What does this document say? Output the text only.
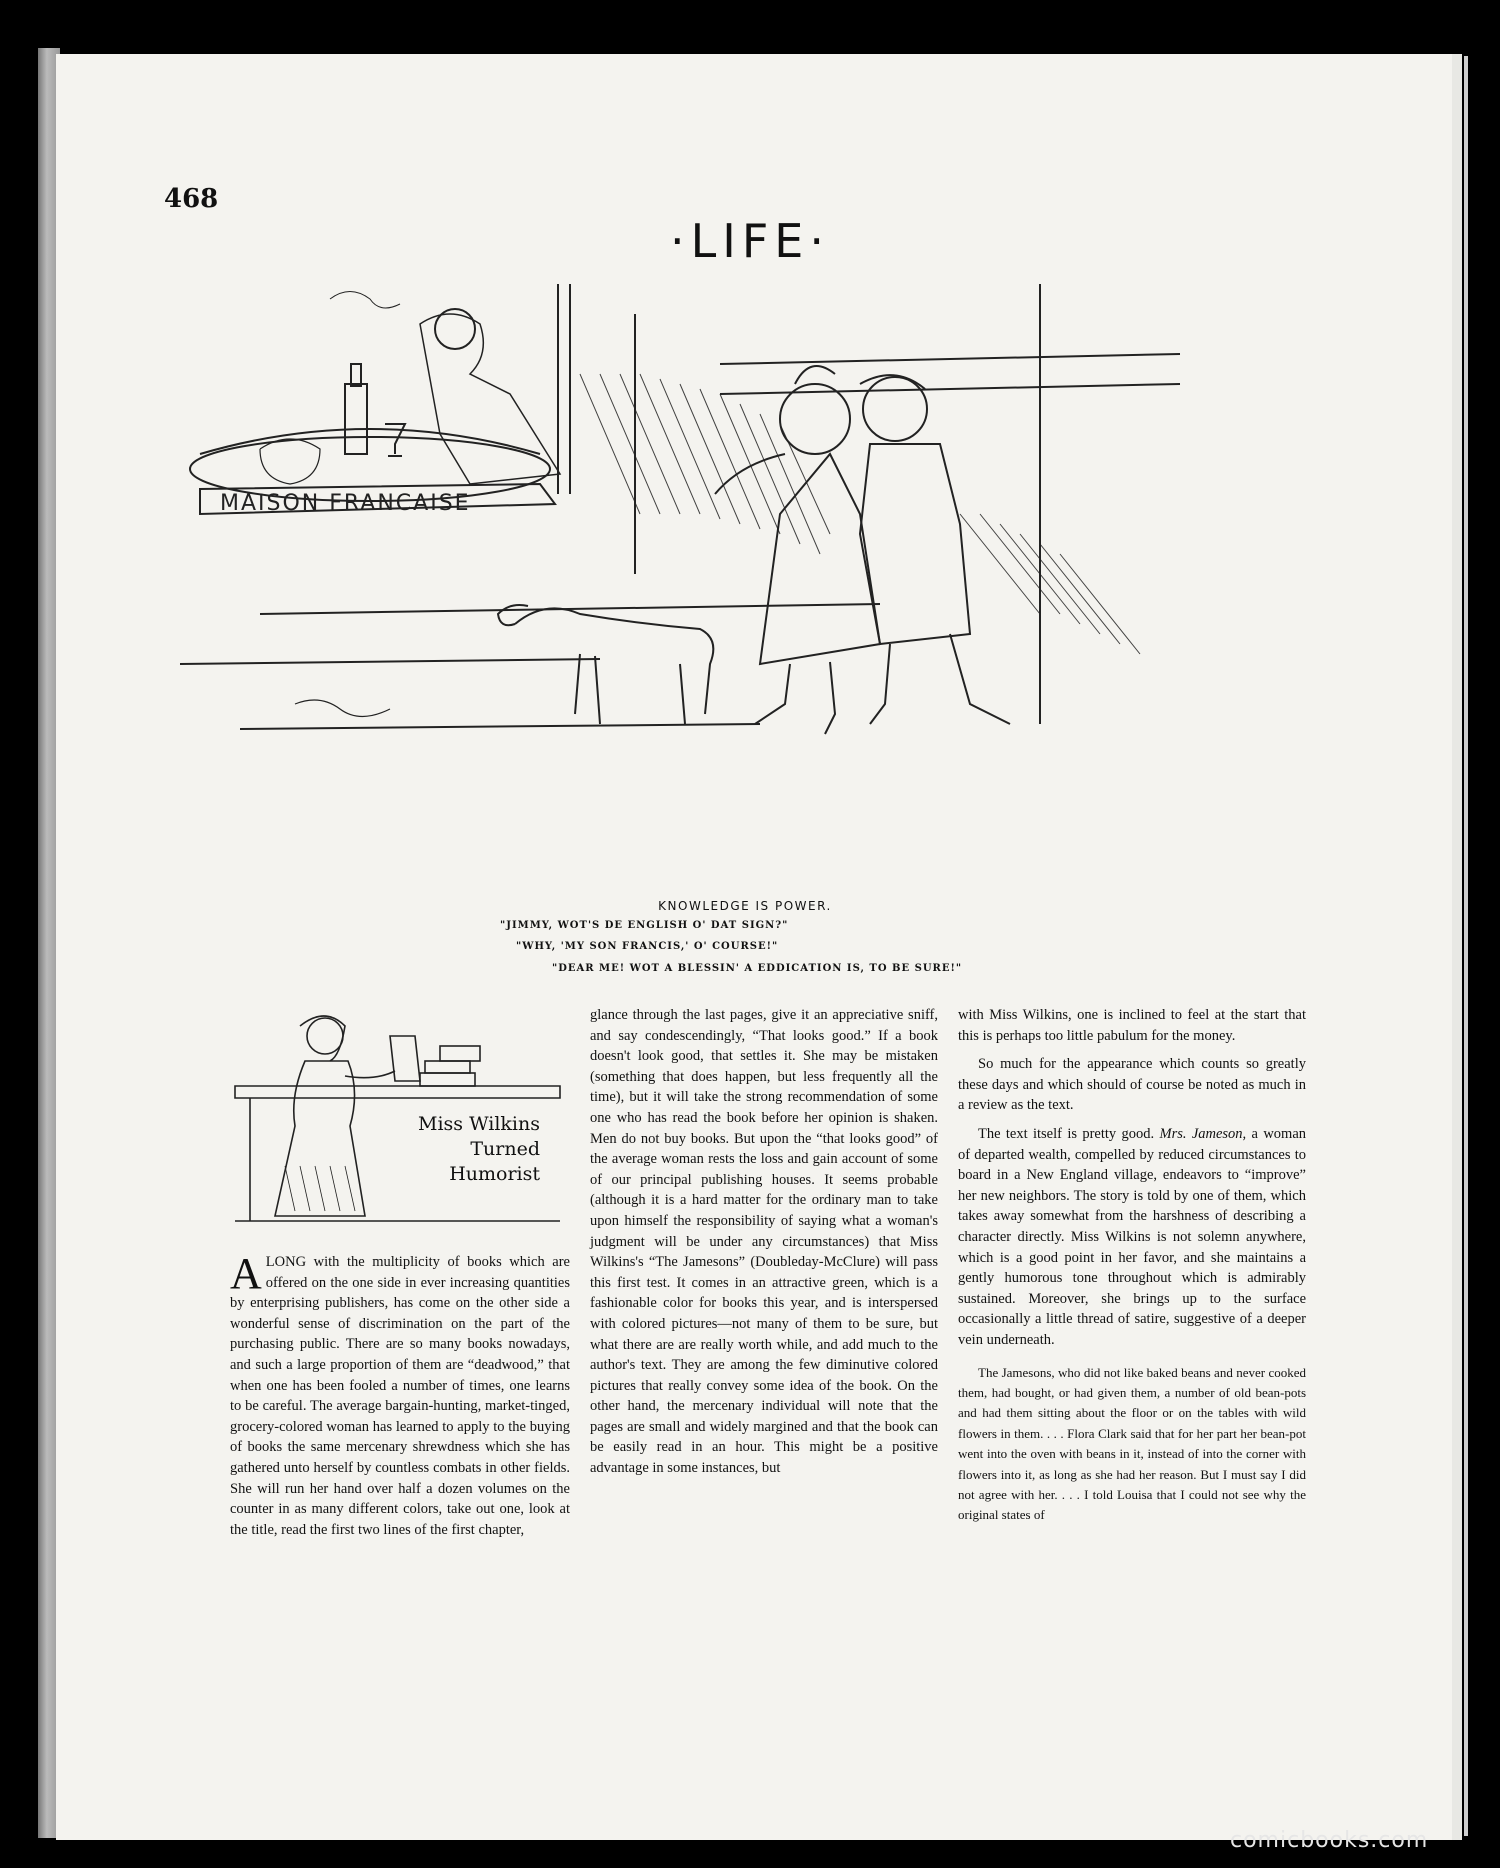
468
·LIFE·
MAISON FRANCAISE
KNOWLEDGE IS POWER.
"JIMMY, WOT'S DE ENGLISH O' DAT SIGN?"
"WHY, 'MY SON FRANCIS,' O' COURSE!"
"DEAR ME! WOT A BLESSIN' A EDDICATION IS, TO BE SURE!"
Miss Wilkins
Turned
Humorist

ALONG with the multiplicity of books which are offered on the one side in ever increasing quantities by enterprising publishers, has come on the other side a wonderful sense of discrimination on the part of the purchasing public. There are so many books nowadays, and such a large proportion of them are “deadwood,” that when one has been fooled a number of times, one learns to be careful. The average bargain-hunting, market-tinged, grocery-colored woman has learned to apply to the buying of books the same mercenary shrewdness which she has gathered unto herself by countless combats in other fields. She will run her hand over half a dozen volumes on the counter in as many different colors, take out one, look at the title, read the first two lines of the first chapter,

glance through the last pages, give it an appreciative sniff, and say condescendingly, “That looks good.” If a book doesn't look good, that settles it. She may be mistaken (something that does happen, but less frequently all the time), but it will take the strong recommendation of some one who has read the book before her opinion is shaken. Men do not buy books. But upon the “that looks good” of the average woman rests the loss and gain account of some of our principal publishing houses. It seems probable (although it is a hard matter for the ordinary man to take upon himself the responsibility of saying what a woman's judgment will be under any circumstances) that Miss Wilkins's “The Jamesons” (Doubleday-McClure) will pass this first test. It comes in an attractive green, which is a fashionable color for books this year, and is interspersed with colored pictures—not many of them to be sure, but what there are are really worth while, and add much to the author's text. They are among the few diminutive colored pictures that really convey some idea of the book. On the other hand, the mercenary individual will note that the pages are small and widely margined and that the book can be easily read in an hour. This might be a positive advantage in some instances, but

with Miss Wilkins, one is inclined to feel at the start that this is perhaps too little pabulum for the money.

So much for the appearance which counts so greatly these days and which should of course be noted as much in a review as the text.

The text itself is pretty good. Mrs. Jameson, a woman of departed wealth, compelled by reduced circumstances to board in a New England village, endeavors to “improve” her new neighbors. The story is told by one of them, which takes away somewhat from the harshness of describing a character directly. Miss Wilkins is not solemn anywhere, which is a good point in her favor, and she maintains a gently humorous tone throughout which is admirably sustained. Moreover, she brings up to the surface occasionally a little thread of satire, suggestive of a deeper vein underneath.

The Jamesons, who did not like baked beans and never cooked them, had bought, or had given them, a number of old bean-pots and had them sitting about the floor or on the tables with wild flowers in them. . . . Flora Clark said that for her part her bean-pot went into the oven with beans in it, instead of into the corner with flowers into it, as long as she had her reason. But I must say I did not agree with her. . . . I told Louisa that I could not see why the original states of

comicbooks.com
